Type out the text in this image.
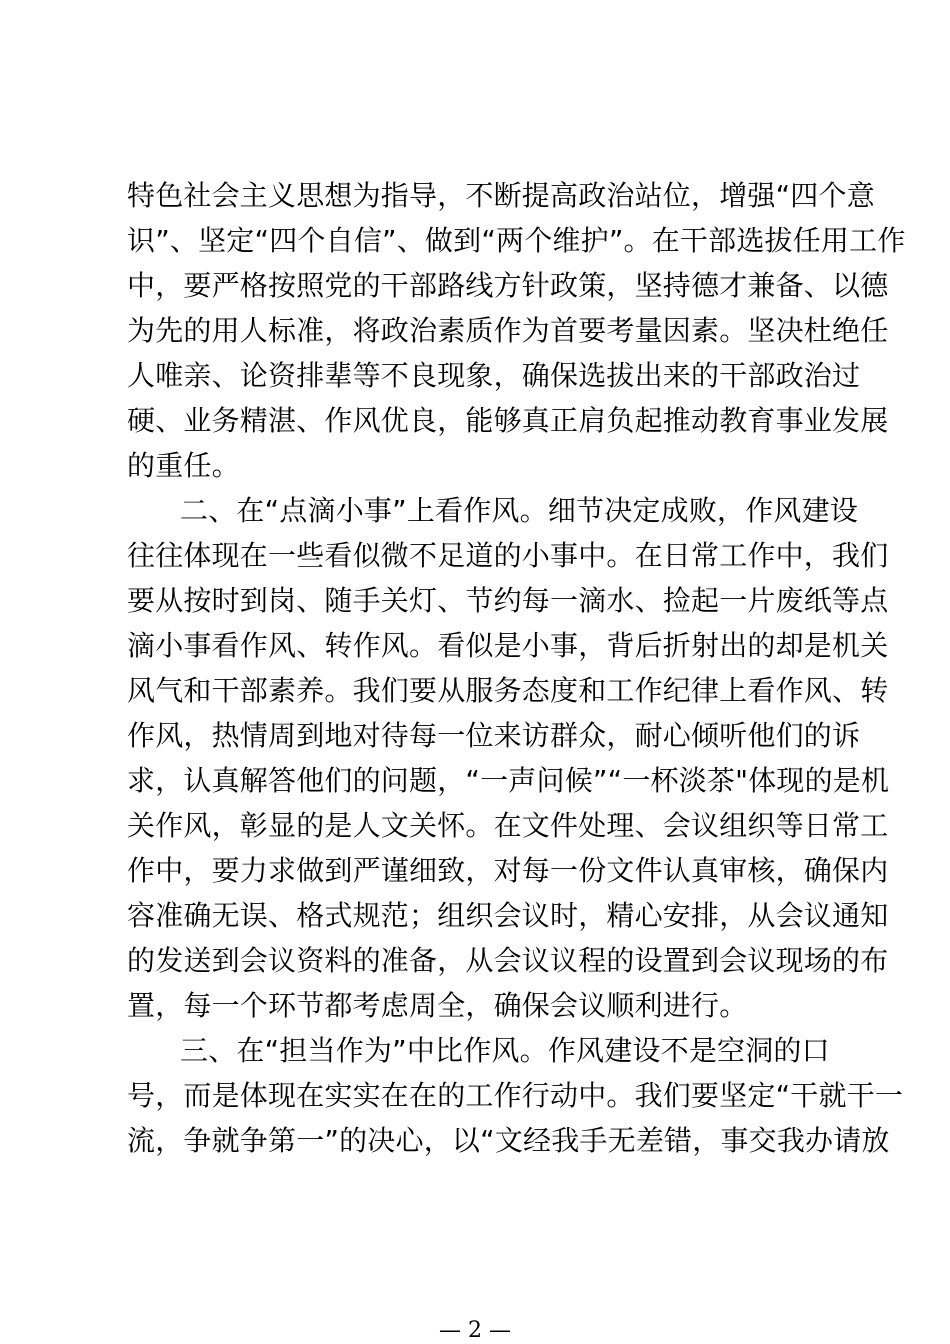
特色社会主义思想为指导，不断提高政治站位，增强“四个意
识”、坚定“四个自信”、做到“两个维护”。在干部选拔任用工作
中，要严格按照党的干部路线方针政策，坚持德才兼备、以德
为先的用人标准，将政治素质作为首要考量因素。坚决杜绝任
人唯亲、论资排辈等不良现象，确保选拔出来的干部政治过
硬、业务精湛、作风优良，能够真正肩负起推动教育事业发展
的重任。
二、在“点滴小事”上看作风。细节决定成败，作风建设
往往体现在一些看似微不足道的小事中。在日常工作中，我们
要从按时到岗、随手关灯、节约每一滴水、捡起一片废纸等点
滴小事看作风、转作风。看似是小事，背后折射出的却是机关
风气和干部素养。我们要从服务态度和工作纪律上看作风、转
作风，热情周到地对待每一位来访群众，耐心倾听他们的诉
求，认真解答他们的问题，“一声问候”“一杯淡茶"体现的是机
关作风，彰显的是人文关怀。在文件处理、会议组织等日常工
作中，要力求做到严谨细致，对每一份文件认真审核，确保内
容准确无误、格式规范；组织会议时，精心安排，从会议通知
的发送到会议资料的准备，从会议议程的设置到会议现场的布
置，每一个环节都考虑周全，确保会议顺利进行。
三、在“担当作为”中比作风。作风建设不是空洞的口
号，而是体现在实实在在的工作行动中。我们要坚定“干就干一
流，争就争第一”的决心，以“文经我手无差错，事交我办请放
— 2 —
